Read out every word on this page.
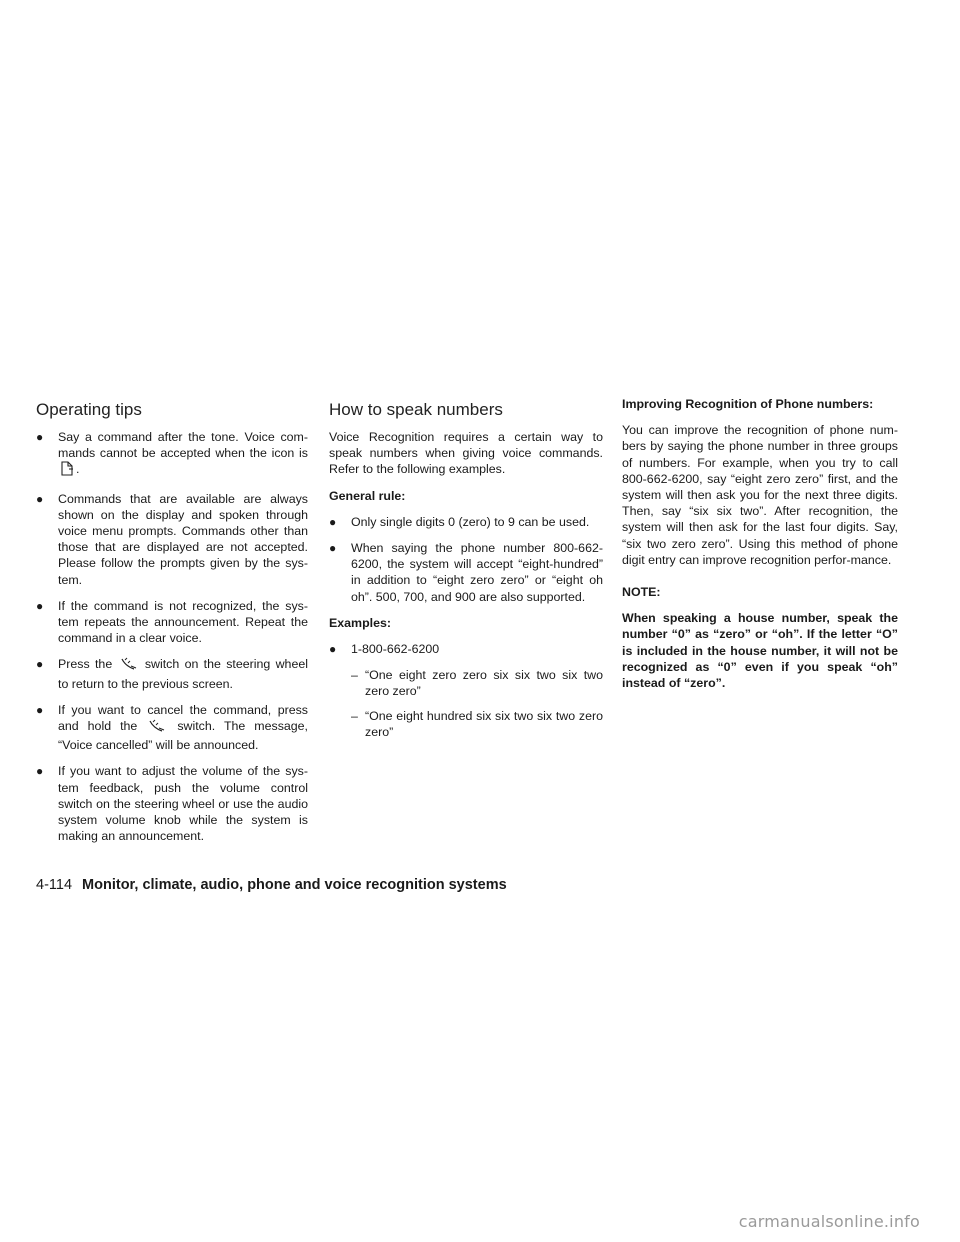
Operating tips
● Say a command after the tone. Voice com-mands cannot be accepted when the icon is .
● Commands that are available are always shown on the display and spoken through voice menu prompts. Commands other than those that are displayed are not accepted. Please follow the prompts given by the sys-tem.
● If the command is not recognized, the sys-tem repeats the announcement. Repeat the command in a clear voice.
● Press the	switch on the steering wheel to return to the previous screen.
● If you want to cancel the command, press and hold the	switch. The message, “Voice cancelled” will be announced.
● If you want to adjust the volume of the sys-tem feedback, push the volume control switch on the steering wheel or use the audio system volume knob while the system is making an announcement.
How to speak numbers

Voice Recognition requires a certain way to speak numbers when giving voice commands. Refer to the following examples.

General rule:

● Only single digits 0 (zero) to 9 can be used.
● When saying the phone number 800-662-6200, the system will accept “eight-hundred” in addition to “eight zero zero” or “eight oh oh”. 500, 700, and 900 are also supported.

Examples:

● 1-800-662-6200
– “One eight zero zero six six two six two zero zero”
– “One eight hundred six six two six two zero zero”

Improving Recognition of Phone numbers:

You can improve the recognition of phone num-bers by saying the phone number in three groups of numbers. For example, when you try to call 800-662-6200, say “eight zero zero” first, and the system will then ask you for the next three digits. Then, say “six six two”. After recognition, the system will then ask for the last four digits. Say, “six two zero zero”. Using this method of phone digit entry can improve recognition perfor-mance.

NOTE:

When speaking a house number, speak the number “0” as “zero” or “oh”. If the letter “O” is included in the house number, it will not be recognized as “0” even if you speak “oh” instead of “zero”.

4-114 Monitor, climate, audio, phone and voice recognition systems
carmanualsonline.info
